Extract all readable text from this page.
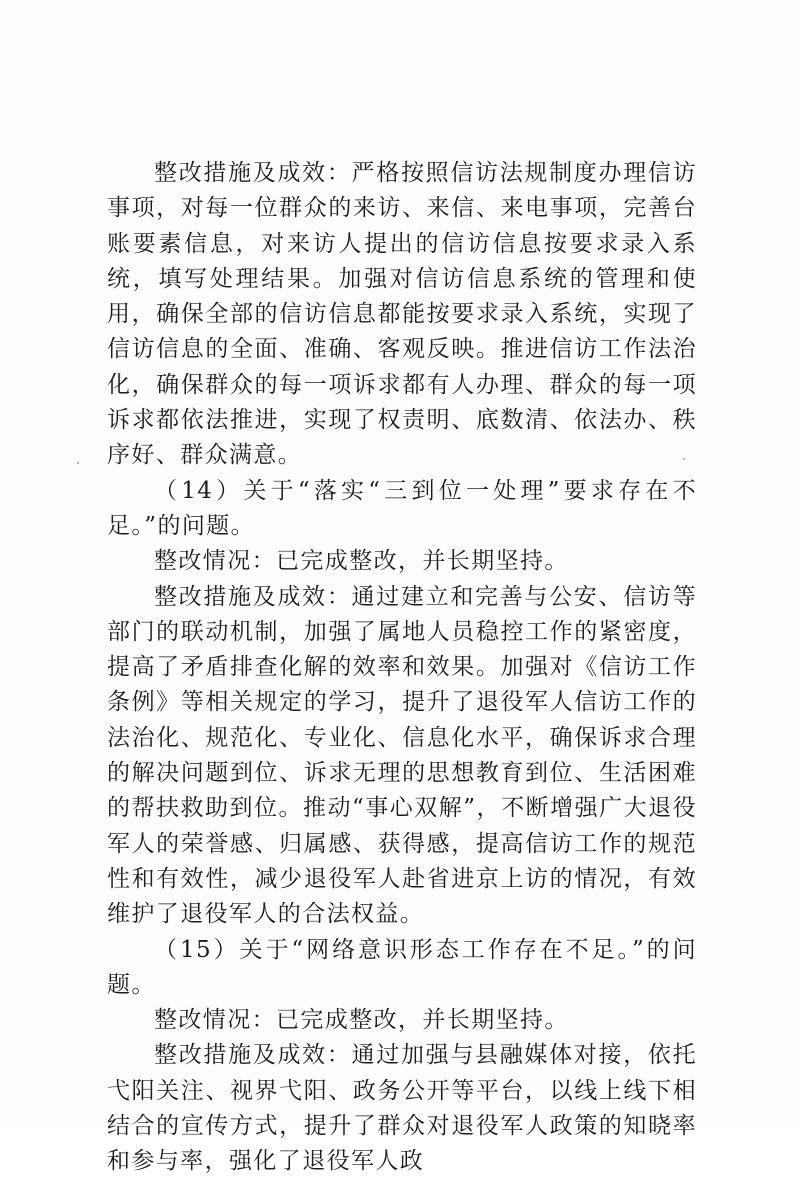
整改措施及成效：严格按照信访法规制度办理信访事项，对每一位群众的来访、来信、来电事项，完善台账要素信息，对来访人提出的信访信息按要求录入系统，填写处理结果。加强对信访信息系统的管理和使用，确保全部的信访信息都能按要求录入系统，实现了信访信息的全面、准确、客观反映。推进信访工作法治化，确保群众的每一项诉求都有人办理、群众的每一项诉求都依法推进，实现了权责明、底数清、依法办、秩序好、群众满意。

（14）关于“落实“三到位一处理”要求存在不足。”的问题。

整改情况：已完成整改，并长期坚持。

整改措施及成效：通过建立和完善与公安、信访等部门的联动机制，加强了属地人员稳控工作的紧密度，提高了矛盾排查化解的效率和效果。加强对《信访工作条例》等相关规定的学习，提升了退役军人信访工作的法治化、规范化、专业化、信息化水平，确保诉求合理的解决问题到位、诉求无理的思想教育到位、生活困难的帮扶救助到位。推动“事心双解”，不断增强广大退役军人的荣誉感、归属感、获得感，提高信访工作的规范性和有效性，减少退役军人赴省进京上访的情况，有效维护了退役军人的合法权益。

（15）关于“网络意识形态工作存在不足。”的问题。

整改情况：已完成整改，并长期坚持。

整改措施及成效：通过加强与县融媒体对接，依托弋阳关注、视界弋阳、政务公开等平台，以线上线下相结合的宣传方式，提升了群众对退役军人政策的知晓率和参与率，强化了退役军人政
